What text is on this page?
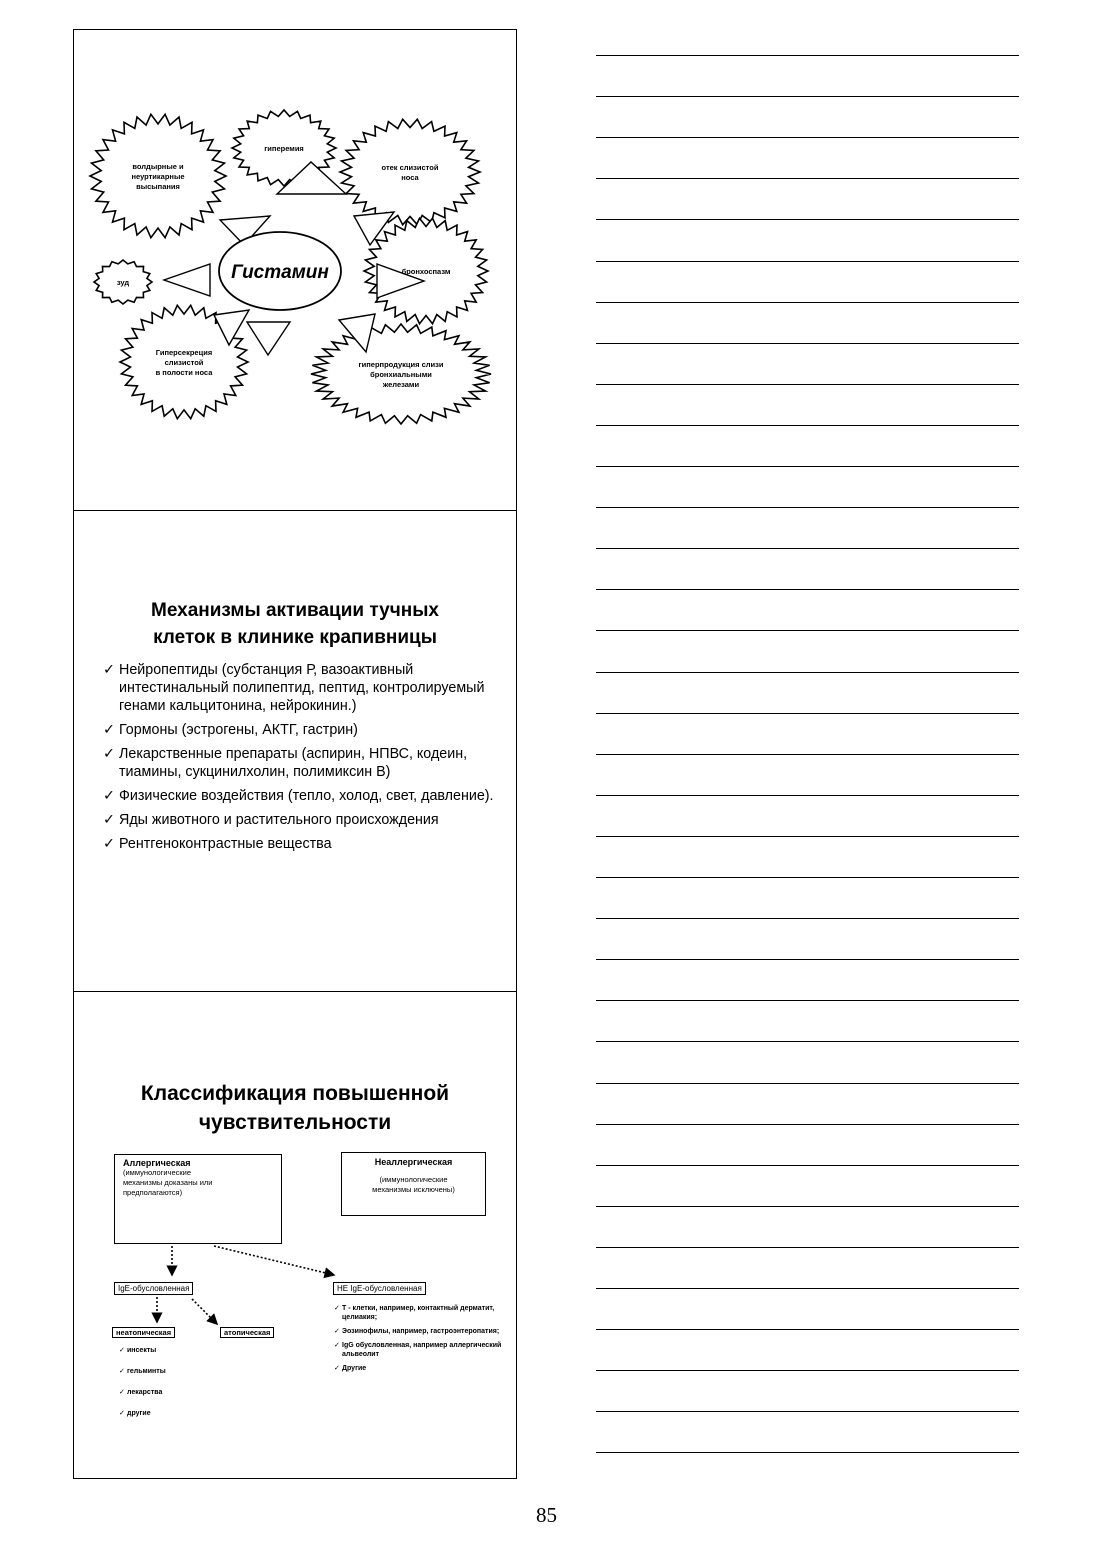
волдырные и
неуртикарные
высыпания
гиперемия
отек слизистой
носа
зуд
бронхоспазм
Гиперсекреция
слизистой
в полости носа
гиперпродукция слизи
бронхиальными
железами
Гистамин
Механизмы активации тучных
клеток в клинике крапивницы
✓ Нейропептиды (субстанция Р, вазоактивный интестинальный полипептид, пептид, контролируемый генами кальцитонина, нейрокинин.)
✓ Гормоны (эстрогены, АКТГ, гастрин)
✓ Лекарственные препараты (аспирин, НПВС, кодеин, тиамины, сукцинилхолин, полимиксин В)
✓ Физические воздействия (тепло, холод, свет, давление).
✓ Яды животного и растительного происхождения
✓ Рентгеноконтрастные вещества
Классификация повышенной
чувствительности
Аллергическая
(иммунологические
механизмы доказаны или
предполагаются)
Неаллергическая
(иммунологические
механизмы исключены)
IgE-обусловленная	НЕ IgE-обусловленная
неатопическая	атопическая
✓ инсекты
✓ гельминты
✓ лекарства
✓ другие
✓ Т - клетки, например, контактный дерматит, целиакия;
✓ Эозинофилы, например, гастроэнтеропатия;
✓ IgG обусловленная, например аллергический альвеолит
✓ Другие
85
